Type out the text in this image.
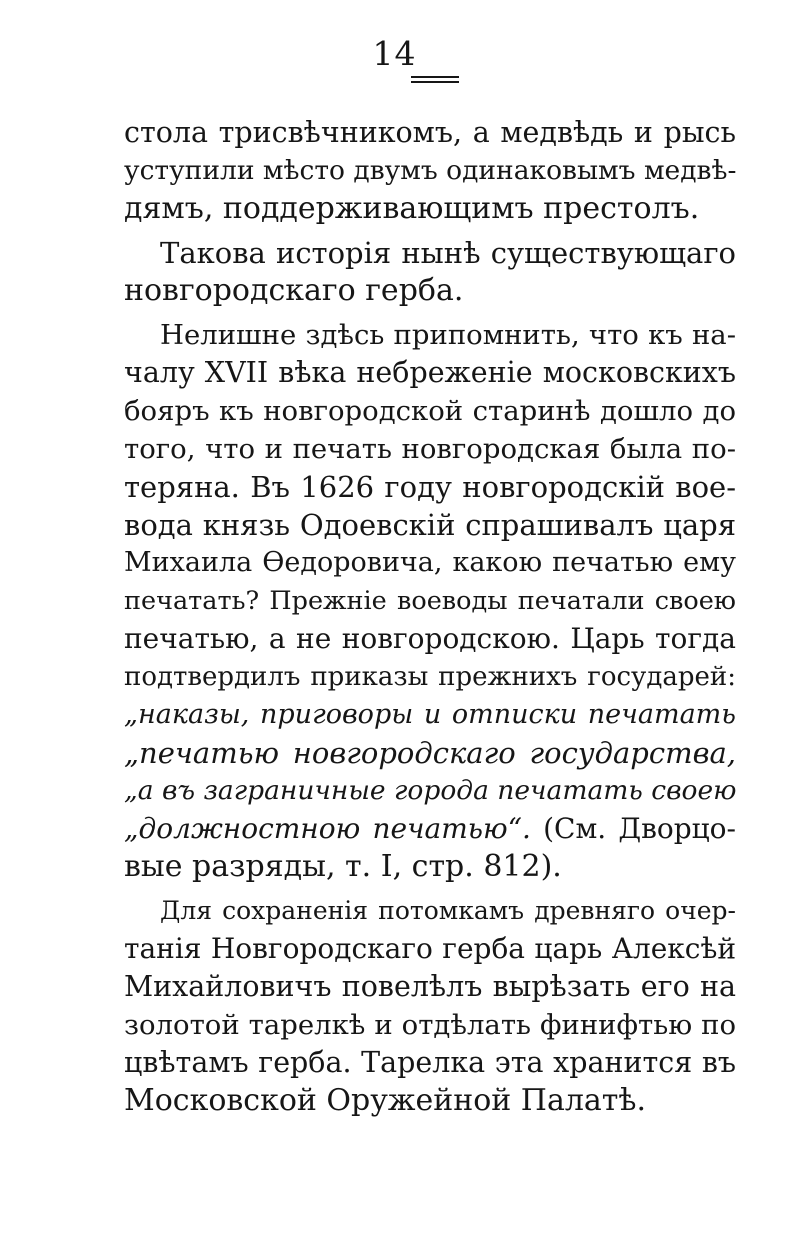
14
стола трисвѣчникомъ, а медвѣдь и рысь
уступили мѣсто двумъ одинаковымъ медвѣ-
дямъ, поддерживающимъ престолъ.
Такова исторія нынѣ существующаго
новгородскаго герба.
Нелишне здѣсь припомнить, что къ на-
чалу XVII вѣка небреженіе московскихъ
бояръ къ новгородской старинѣ дошло до
того, что и печать новгородская была по-
теряна. Въ 1626 году новгородскій вое-
вода князь Одоевскій спрашивалъ царя
Михаила Ѳедоровича, какою печатью ему
печатать? Прежніе воеводы печатали своею
печатью, а не новгородскою. Царь тогда
подтвердилъ приказы прежнихъ государей:
„наказы, приговоры и отписки печатать
„печатью новгородскаго государства,
„а въ заграничные города печатать своею
„должностною печатью“. (См. Дворцо-
вые разряды, т. I, стр. 812).
Для сохраненія потомкамъ древняго очер-
танія Новгородскаго герба царь Алексѣй
Михайловичъ повелѣлъ вырѣзать его на
золотой тарелкѣ и отдѣлать финифтью по
цвѣтамъ герба. Тарелка эта хранится въ
Московской Оружейной Палатѣ.
